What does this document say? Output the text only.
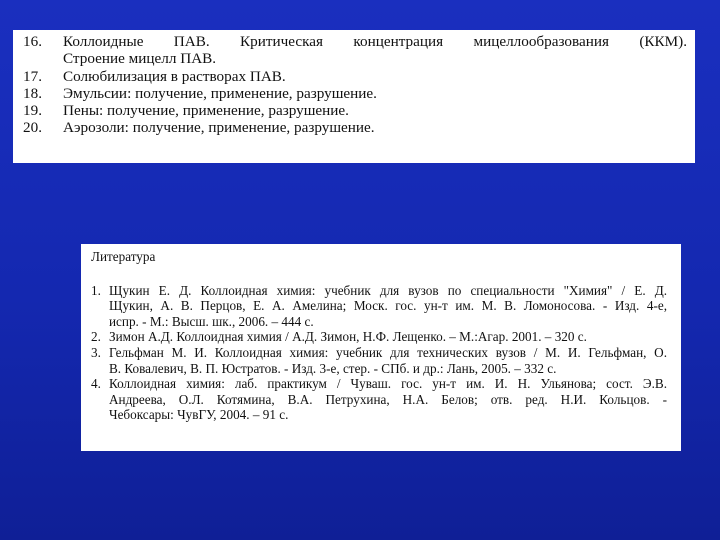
16.	Коллоидные ПАВ. Критическая концентрация мицеллообразования (ККМ).
Строение мицелл ПАВ.
17.	Солюбилизация в растворах ПАВ.
18.	Эмульсии: получение, применение, разрушение.
19.	Пены: получение, применение, разрушение.
20.	Аэрозоли: получение, применение, разрушение.
Литература
1. Щукин Е. Д. Коллоидная химия: учебник для вузов по специальности "Химия" / Е. Д.
Щукин, А. В. Перцов, Е. А. Амелина; Моск. гос. ун-т им. М. В. Ломоносова. - Изд. 4-е,
испр. - М.: Высш. шк., 2006. – 444 с.
2. Зимон А.Д. Коллоидная химия / А.Д. Зимон, Н.Ф. Лещенко. – М.:Агар. 2001. – 320 с.
3. Гельфман М. И. Коллоидная химия: учебник для технических вузов / М. И. Гельфман, О.
В. Ковалевич, В. П. Юстратов. - Изд. 3-е, стер. - СПб. и др.: Лань, 2005. – 332 с.
4. Коллоидная химия: лаб. практикум / Чуваш. гос. ун-т им. И. Н. Ульянова; сост. Э.В.
Андреева, О.Л. Котямина, В.А. Петрухина, Н.А. Белов; отв. ред. Н.И. Кольцов. -
Чебоксары: ЧувГУ, 2004. – 91 с.
